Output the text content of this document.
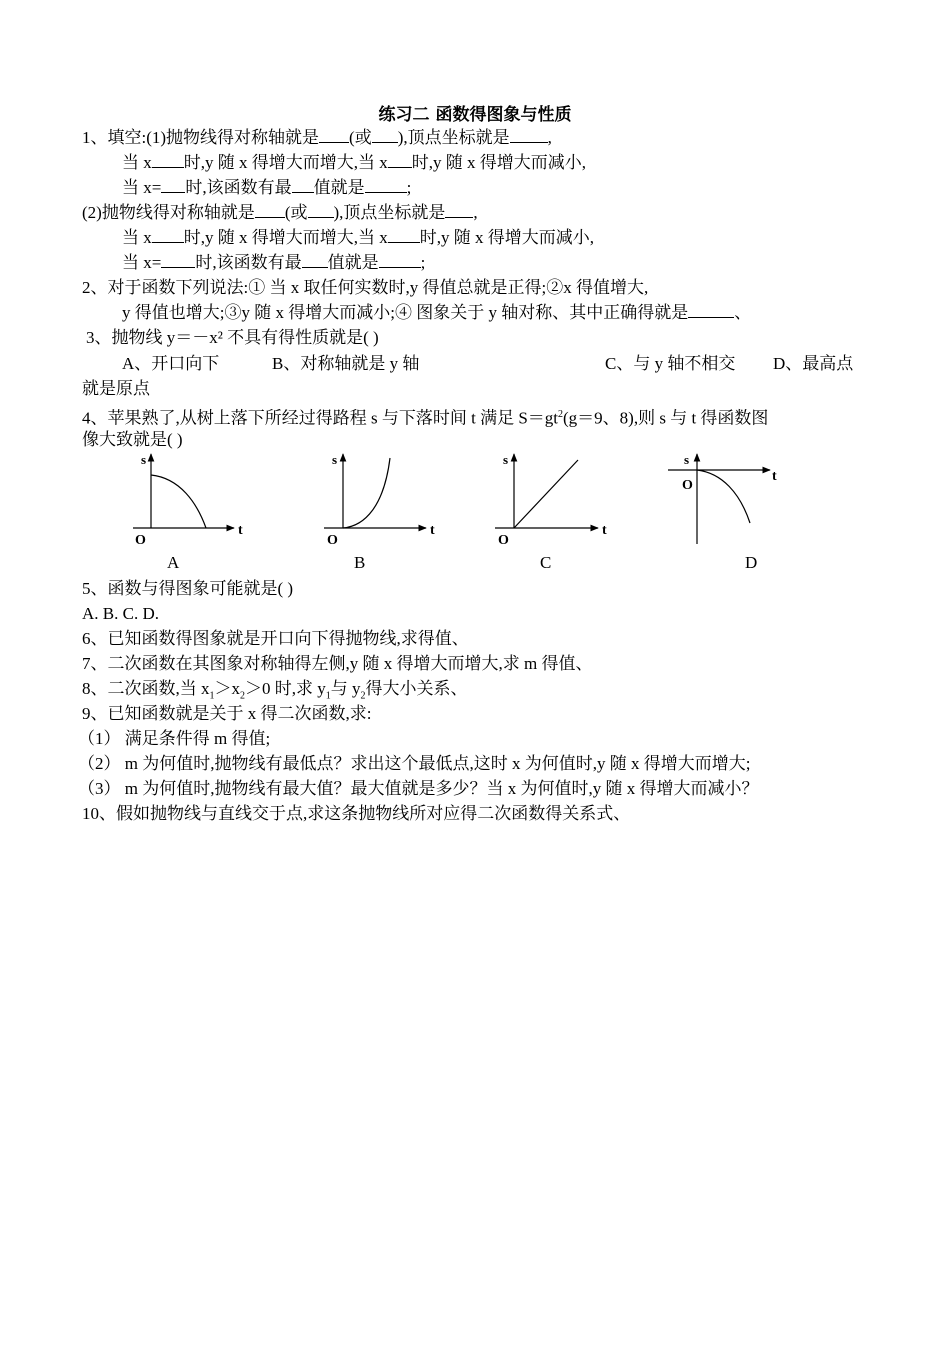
练习二 函数得图象与性质
1、填空:(1)抛物线得对称轴就是 (或 ),顶点坐标就是 ,
当 x 时,y 随 x 得增大而增大,当 x 时,y 随 x 得增大而减小,
当 x= 时,该函数有最 值就是 ;
(2)抛物线得对称轴就是 (或 ),顶点坐标就是 ,
当 x 时,y 随 x 得增大而增大,当 x 时,y 随 x 得增大而减小,
当 x= 时,该函数有最 值就是 ;
2、对于函数下列说法:① 当 x 取任何实数时,y 得值总就是正得;②x 得值增大,
y 得值也增大;③y 随 x 得增大而减小;④ 图象关于 y 轴对称、其中正确得就是	、
3、抛物线 y＝－x² 不具有得性质就是( )
A、开口向下	B、对称轴就是 y 轴	C、与 y 轴不相交 D、最高点
就是原点
4、苹果熟了,从树上落下所经过得路程 s 与下落时间 t 满足 $S=gt^2(g=9$、8),则 s 与 t 得函数图
像大致就是( )
s
t
O
s
t
O
s
t
O
s
t
O
A	B	C	D
5、函数与得图象可能就是( )
A. B. C. D.
6、已知函数得图象就是开口向下得抛物线,求得值、
7、二次函数在其图象对称轴得左侧,y 随 x 得增大而增大,求 m 得值、
8、二次函数,当 $x_1>x_2>0$ 时,求 $y_1$与 $y_2$得大小关系、
9、已知函数就是关于 x 得二次函数,求:
（1） 满足条件得 m 得值;
（2） m 为何值时,抛物线有最低点？求出这个最低点,这时 x 为何值时,y 随 x 得增大而增大;
（3） m 为何值时,抛物线有最大值？最大值就是多少？当 x 为何值时,y 随 x 得增大而减小？
10、假如抛物线与直线交于点,求这条抛物线所对应得二次函数得关系式、
